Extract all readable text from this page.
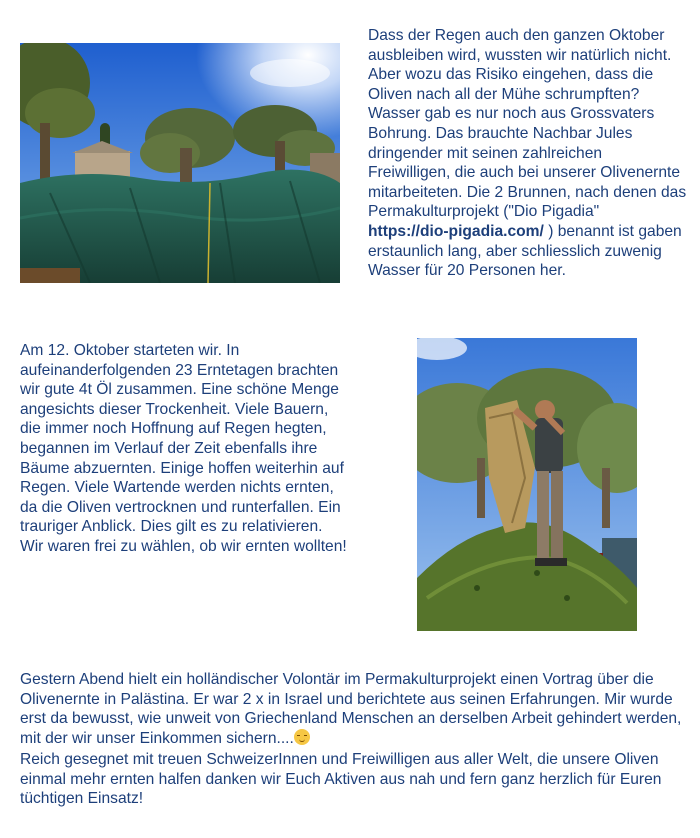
Dass der Regen auch den ganzen Oktober ausbleiben wird, wussten wir natürlich nicht. Aber wozu das Risiko eingehen, dass die Oliven nach all der Mühe schrumpften? Wasser gab es nur noch aus Grossvaters Bohrung. Das brauchte Nachbar Jules dringender mit seinen zahlreichen Freiwilligen, die auch bei unserer Olivenernte mitarbeiteten. Die 2 Brunnen, nach denen das Permakulturprojekt ("Dio Pigadia"
https://dio-pigadia.com/ ) benannt ist gaben erstaunlich lang, aber schliesslich zuwenig Wasser für 20 Personen her.

Am 12. Oktober starteten wir. In aufeinanderfolgenden 23 Erntetagen brachten wir gute 4t Öl zusammen. Eine schöne Menge angesichts dieser Trockenheit. Viele Bauern, die immer noch Hoffnung auf Regen hegten, begannen im Verlauf der Zeit ebenfalls ihre Bäume abzuernten. Einige hoffen weiterhin auf Regen. Viele Wartende werden nichts ernten, da die Oliven vertrocknen und runterfallen. Ein trauriger Anblick. Dies gilt es zu relativieren. Wir waren frei zu wählen, ob wir ernten wollten!

Gestern Abend hielt ein holländischer Volontär im Permakulturprojekt einen Vortrag über die Olivenernte in Palästina. Er war 2 x in Israel und berichtete aus seinen Erfahrungen. Mir wurde erst da bewusst, wie unweit von Griechenland Menschen an derselben Arbeit gehindert werden, mit der wir unser Einkommen sichern....

Reich gesegnet mit treuen SchweizerInnen und Freiwilligen aus aller Welt, die unsere Oliven einmal mehr ernten halfen danken wir Euch Aktiven aus nah und fern ganz herzlich für Euren tüchtigen Einsatz!
